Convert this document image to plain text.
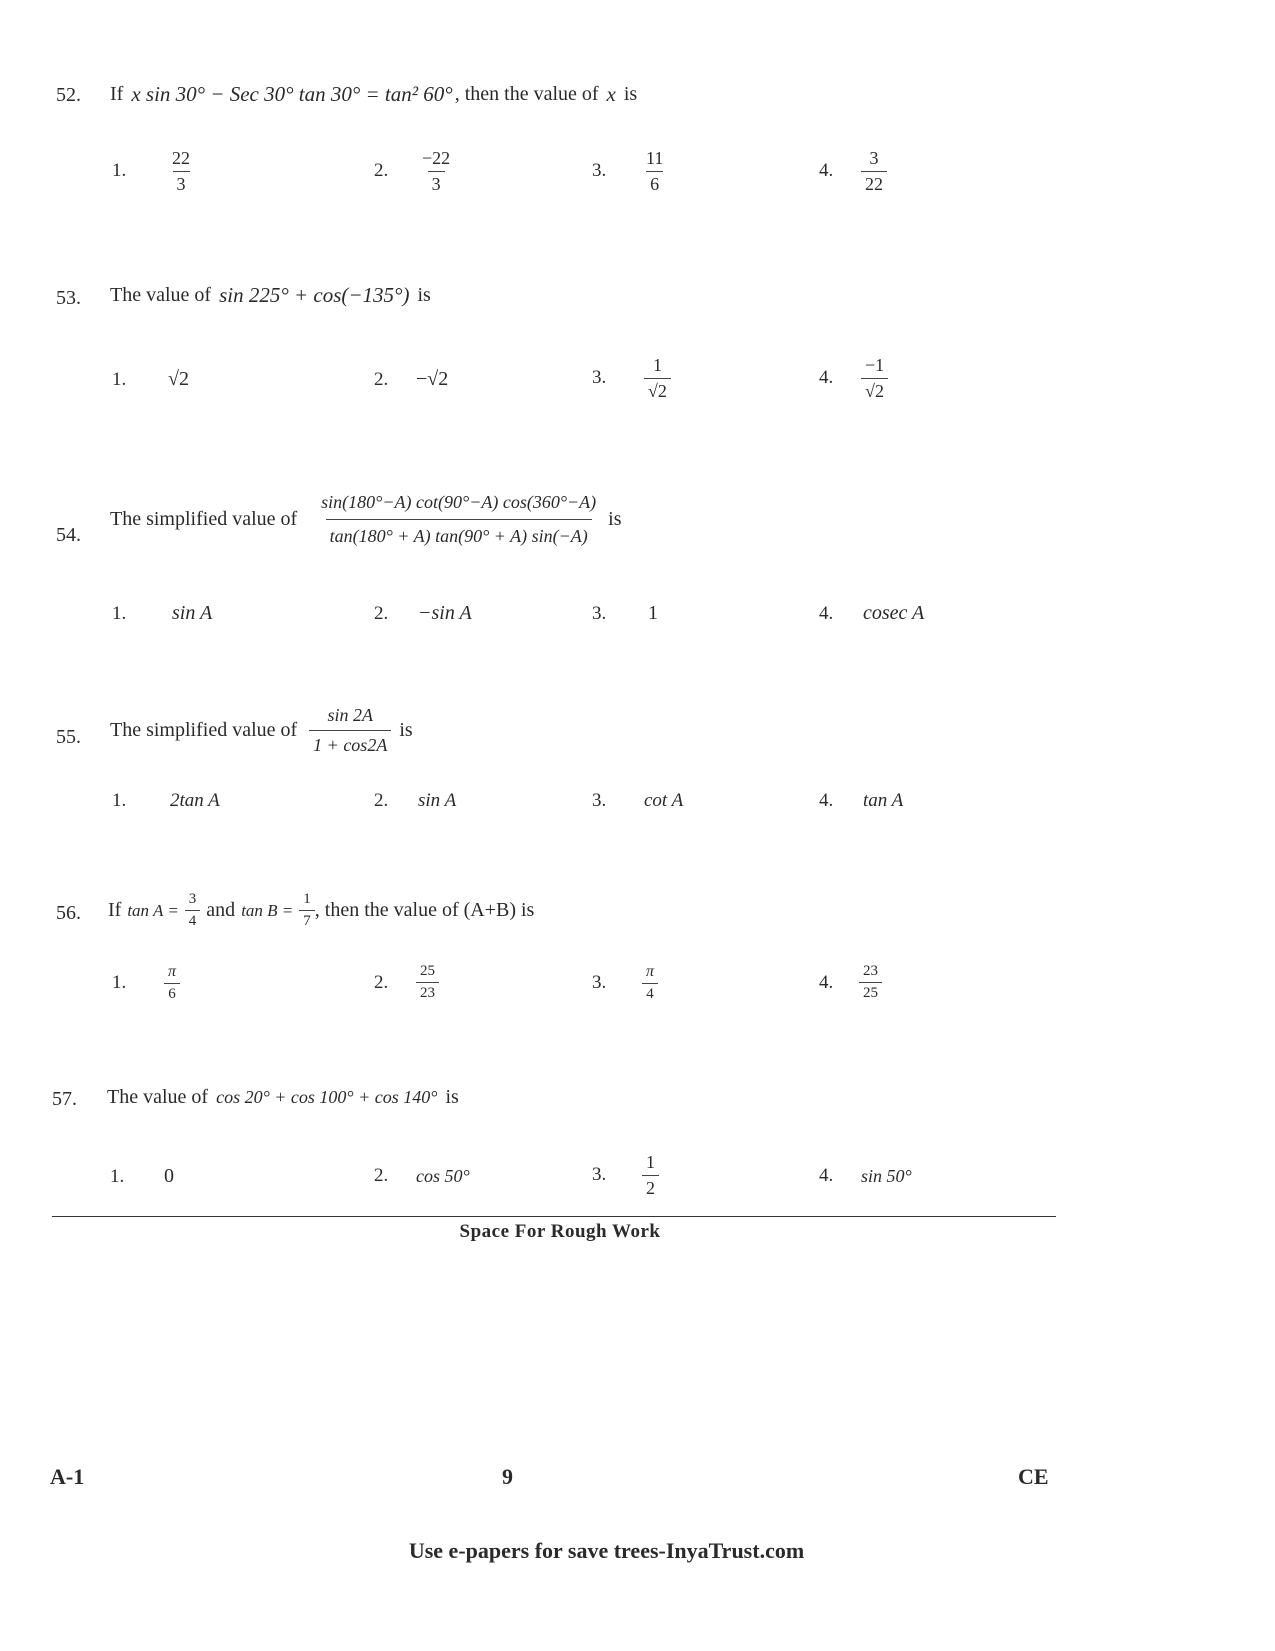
52. If x sin 30° − Sec 30° tan 30° = tan² 60° , then the value of x is
1.	$\frac{22}{3}$	2.	$\frac{-22}{3}$	3.	$\frac{11}{6}$	4.	$\frac{3}{22}$
53. The value of sin 225° + cos(−135°) is
1.	√2	2.	−√2	3.	$\frac{1}{√2}$	4.	$\frac{-1}{√2}$
54.
The simplified value of $\frac{\sin(180^\circ-A) \cot(90^\circ-A) \cos(360^\circ-A)}{\tan(180^\circ + A) \tan(90^\circ + A) \sin(-A)}$ is
1.	sin A	2.	−sin A	3.	1	4.	cosec A
55. The simplified value of $\frac{\sin 2A}{1 + \cos 2A}$ is
1.	2tan A	2.	sin A	3.	cot A	4.	tan A
56. If $\tan A = \frac{3}{4}$ and $\tan B = \frac{1}{7}$ , then the value of (A+B) is
1.	$\frac{\pi}{6}$	2.	$\frac{25}{23}$	3.	$\frac{\pi}{4}$	4.	$\frac{23}{25}$
57. The value of cos 20° + cos 100° + cos 140° is
1.	0	2.	cos 50°	3.	$\frac{1}{2}$	4.	sin 50°
Space For Rough Work
A-1	9	CE
Use e-papers for save trees-InyaTrust.com
